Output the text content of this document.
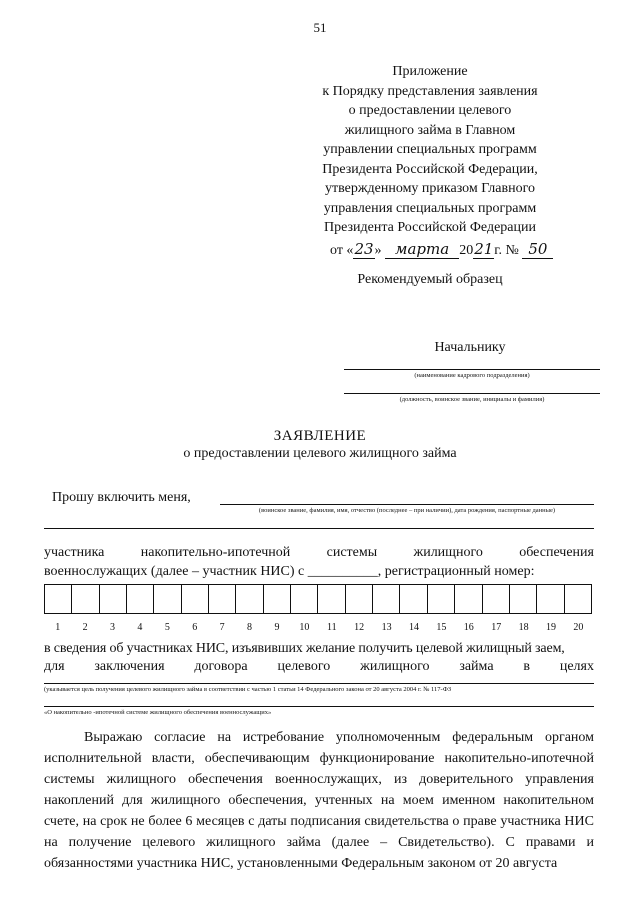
51
Приложение
к Порядку представления заявления
о предоставлении целевого
жилищного займа в Главном
управлении специальных программ
Президента Российской Федерации,
утвержденному приказом Главного
управления специальных программ
Президента Российской Федерации
от «23» марта 2021г. № 50
Рекомендуемый образец
Начальнику
(наименование кадрового подразделения)
(должность, воинское звание, инициалы и фамилия)
ЗАЯВЛЕНИЕ
о предоставлении целевого жилищного займа
Прошу включить меня,
(воинское звание, фамилия, имя, отчество (последнее – при наличии), дата рождения, паспортные данные)
участника	накопительно-ипотечной	системы	жилищного	обеспечения
военнослужащих (далее – участник НИС) с __________, регистрационный номер:
1	2	3	4	5	6	7	8	9	10	11	12	13	14	15	16	17	18	19	20
в сведения об участниках НИС, изъявивших желание получить целевой жилищный заем,
для заключения договора целевого жилищного займа в целях
(указывается цель получения целевого жилищного займа в соответствии с частью 1 статьи 14 Федерального закона от 20 августа 2004 г. № 117-ФЗ
«О накопительно -ипотечной системе жилищного обеспечения военнослужащих»
Выражаю согласие на истребование уполномоченным федеральным органом исполнительной власти, обеспечивающим функционирование накопительно-ипотечной системы жилищного обеспечения военнослужащих, из доверительного управления накоплений для жилищного обеспечения, учтенных на моем именном накопительном счете, на срок не более 6 месяцев с даты подписания свидетельства о праве участника НИС на получение целевого жилищного займа (далее – Свидетельство). С правами и обязанностями участника НИС, установленными Федеральным законом от 20 августа
